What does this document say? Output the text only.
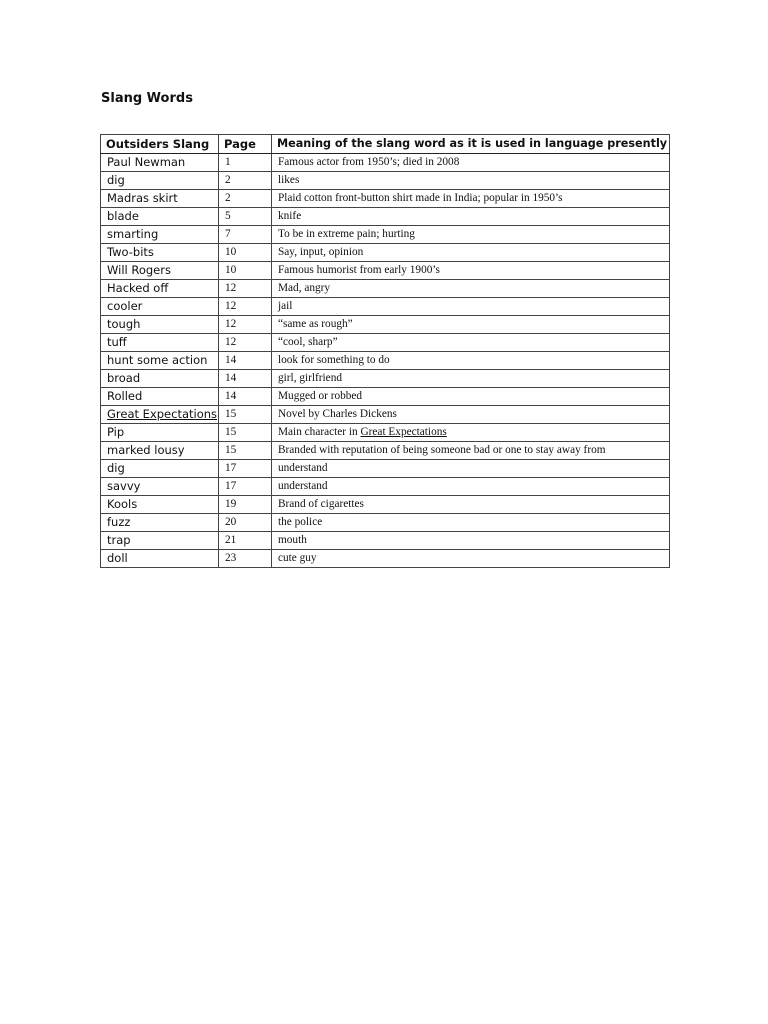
Slang Words
Outsiders Slang	Page	Meaning of the slang word as it is used in language presently
Paul Newman	1	Famous actor from 1950’s; died in 2008
dig	2	likes
Madras skirt	2	Plaid cotton front-button shirt made in India; popular in 1950’s
blade	5	knife
smarting	7	To be in extreme pain; hurting
Two-bits	10	Say, input, opinion
Will Rogers	10	Famous humorist from early 1900’s
Hacked off	12	Mad, angry
cooler	12	jail
tough	12	“same as rough”
tuff	12	“cool, sharp”
hunt some action	14	look for something to do
broad	14	girl, girlfriend
Rolled	14	Mugged or robbed
Great Expectations	15	Novel by Charles Dickens
Pip	15	Main character in Great Expectations
marked lousy	15	Branded with reputation of being someone bad or one to stay away from
dig	17	understand
savvy	17	understand
Kools	19	Brand of cigarettes
fuzz	20	the police
trap	21	mouth
doll	23	cute guy
